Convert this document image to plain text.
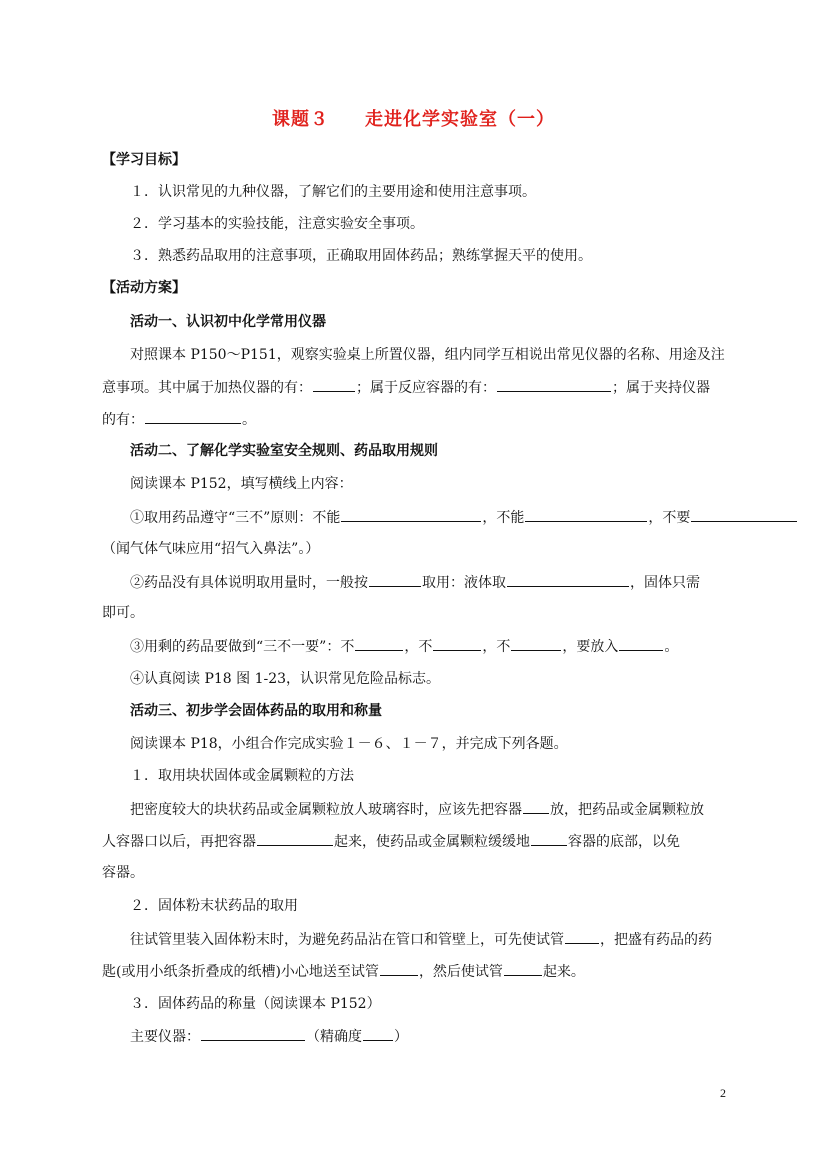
课题３ 走进化学实验室（一）
【学习目标】
１．认识常见的九种仪器，了解它们的主要用途和使用注意事项。
２．学习基本的实验技能，注意实验安全事项。
３．熟悉药品取用的注意事项，正确取用固体药品；熟练掌握天平的使用。
【活动方案】
活动一、认识初中化学常用仪器
对照课本 P150～P151，观察实验桌上所置仪器，组内同学互相说出常见仪器的名称、用途及注
意事项。其中属于加热仪器的有：	；属于反应容器的有：	；属于夹持仪器
的有：	。
活动二、了解化学实验室安全规则、药品取用规则
阅读课本 P152，填写横线上内容：
①取用药品遵守“三不”原则：不能	，不能	，不要
（闻气体气味应用“招气入鼻法”。）
②药品没有具体说明取用量时，一般按	取用：液体取	，固体只需
即可。
③用剩的药品要做到“三不一要”：不	，不	，不	，要放入	。
④认真阅读 P18 图 1-23，认识常见危险品标志。
活动三、初步学会固体药品的取用和称量
阅读课本 P18，小组合作完成实验１－６、１－７，并完成下列各题。
１．取用块状固体或金属颗粒的方法
把密度较大的块状药品或金属颗粒放人玻璃容时，应该先把容器 放，把药品或金属颗粒放
人容器口以后，再把容器	起来，使药品或金属颗粒缓缓地	容器的底部，以免
容器。
２．固体粉末状药品的取用
往试管里装入固体粉末时，为避免药品沾在管口和管壁上，可先使试管	，把盛有药品的药
匙(或用小纸条折叠成的纸槽)小心地送至试管	，然后使试管	起来。
３．固体药品的称量（阅读课本 P152）
主要仪器：	（精确度 ）
2
